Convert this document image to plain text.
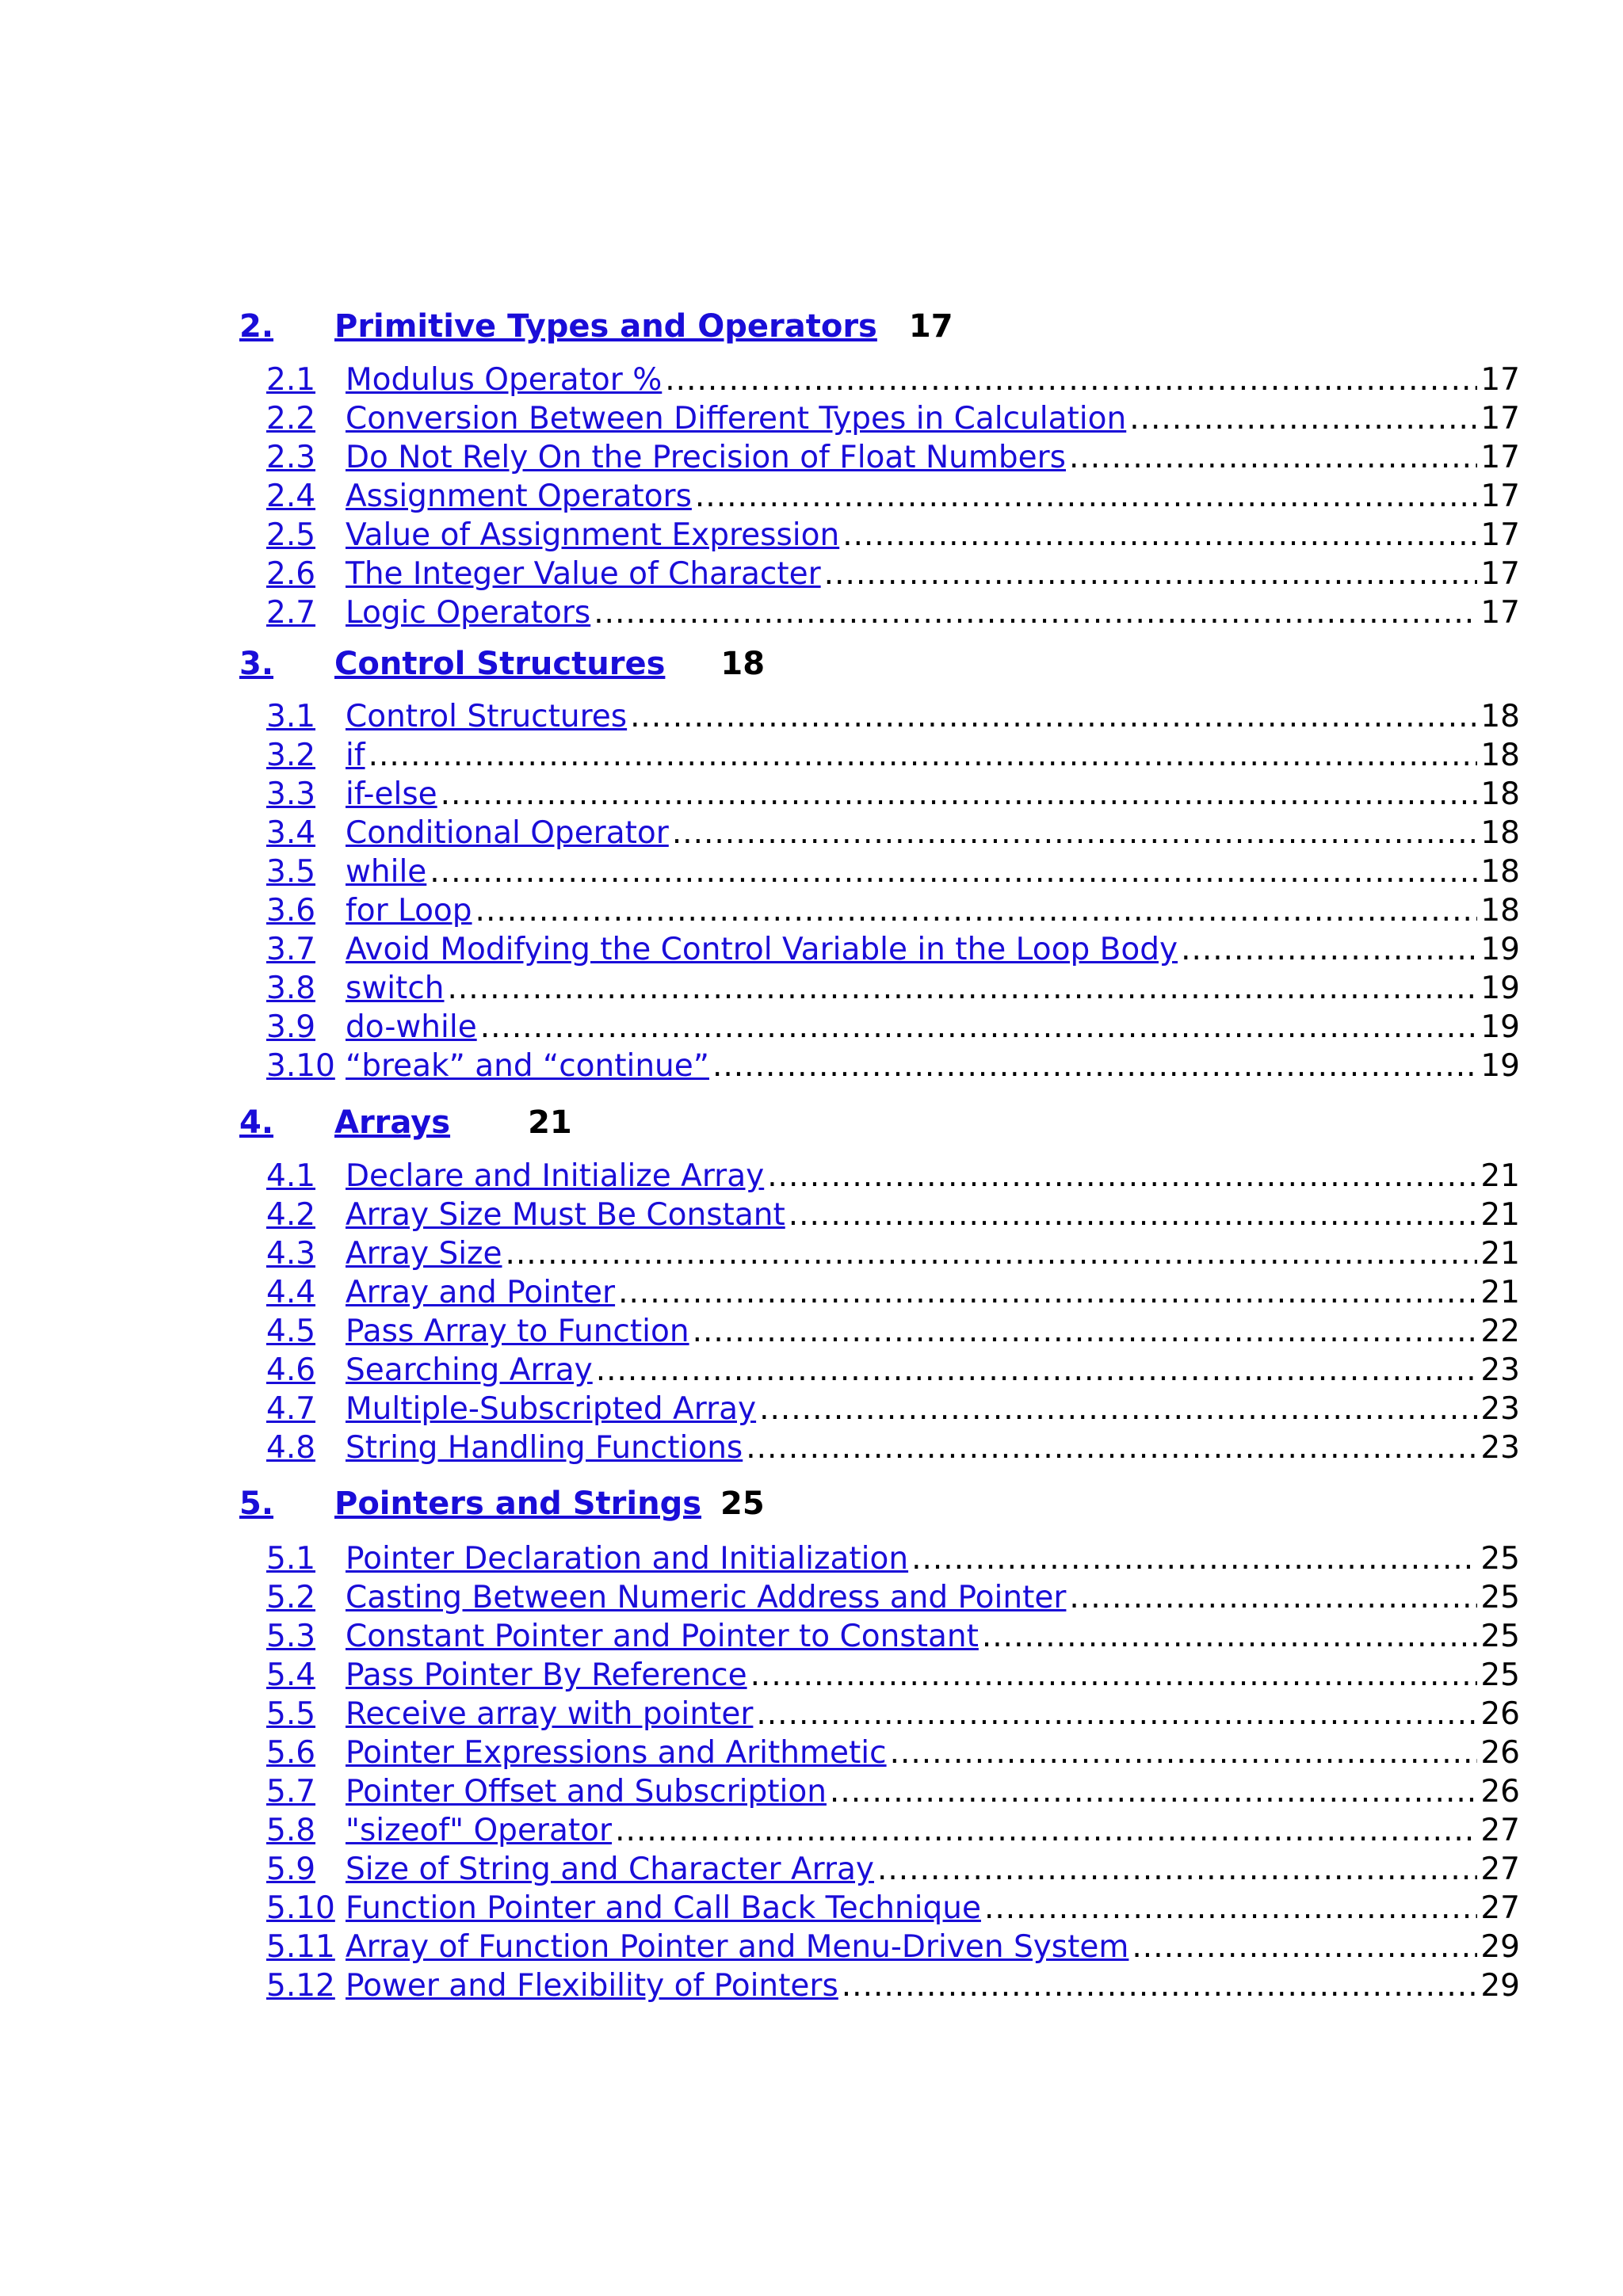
2.	Primitive Types and Operators 17
2.1 Modulus Operator % .....	17
2.2 Conversion Between Different Types in Calculation .....	17
2.3 Do Not Rely On the Precision of Float Numbers .....	17
2.4 Assignment Operators .....	17
2.5 Value of Assignment Expression .....	17
2.6 The Integer Value of Character .....	17
2.7 Logic Operators .....	17
3.	Control Structures 18
3.1 Control Structures .....	18
3.2 if .....	18
3.3 if-else .....	18
3.4 Conditional Operator .....	18
3.5 while .....	18
3.6 for Loop .....	18
3.7 Avoid Modifying the Control Variable in the Loop Body .....	19
3.8 switch .....	19
3.9 do-while .....	19
3.10 “break” and “continue” .....	19
4.	Arrays 21
4.1 Declare and Initialize Array .....	21
4.2 Array Size Must Be Constant .....	21
4.3 Array Size .....	21
4.4 Array and Pointer .....	21
4.5 Pass Array to Function .....	22
4.6 Searching Array .....	23
4.7 Multiple-Subscripted Array .....	23
4.8 String Handling Functions .....	23
5.	Pointers and Strings 25
5.1 Pointer Declaration and Initialization .....	25
5.2 Casting Between Numeric Address and Pointer .....	25
5.3 Constant Pointer and Pointer to Constant .....	25
5.4 Pass Pointer By Reference .....	25
5.5 Receive array with pointer .....	26
5.6 Pointer Expressions and Arithmetic .....	26
5.7 Pointer Offset and Subscription .....	26
5.8 "sizeof" Operator .....	27
5.9 Size of String and Character Array .....	27
5.10 Function Pointer and Call Back Technique .....	27
5.11 Array of Function Pointer and Menu-Driven System .....	29
5.12 Power and Flexibility of Pointers .....	29
